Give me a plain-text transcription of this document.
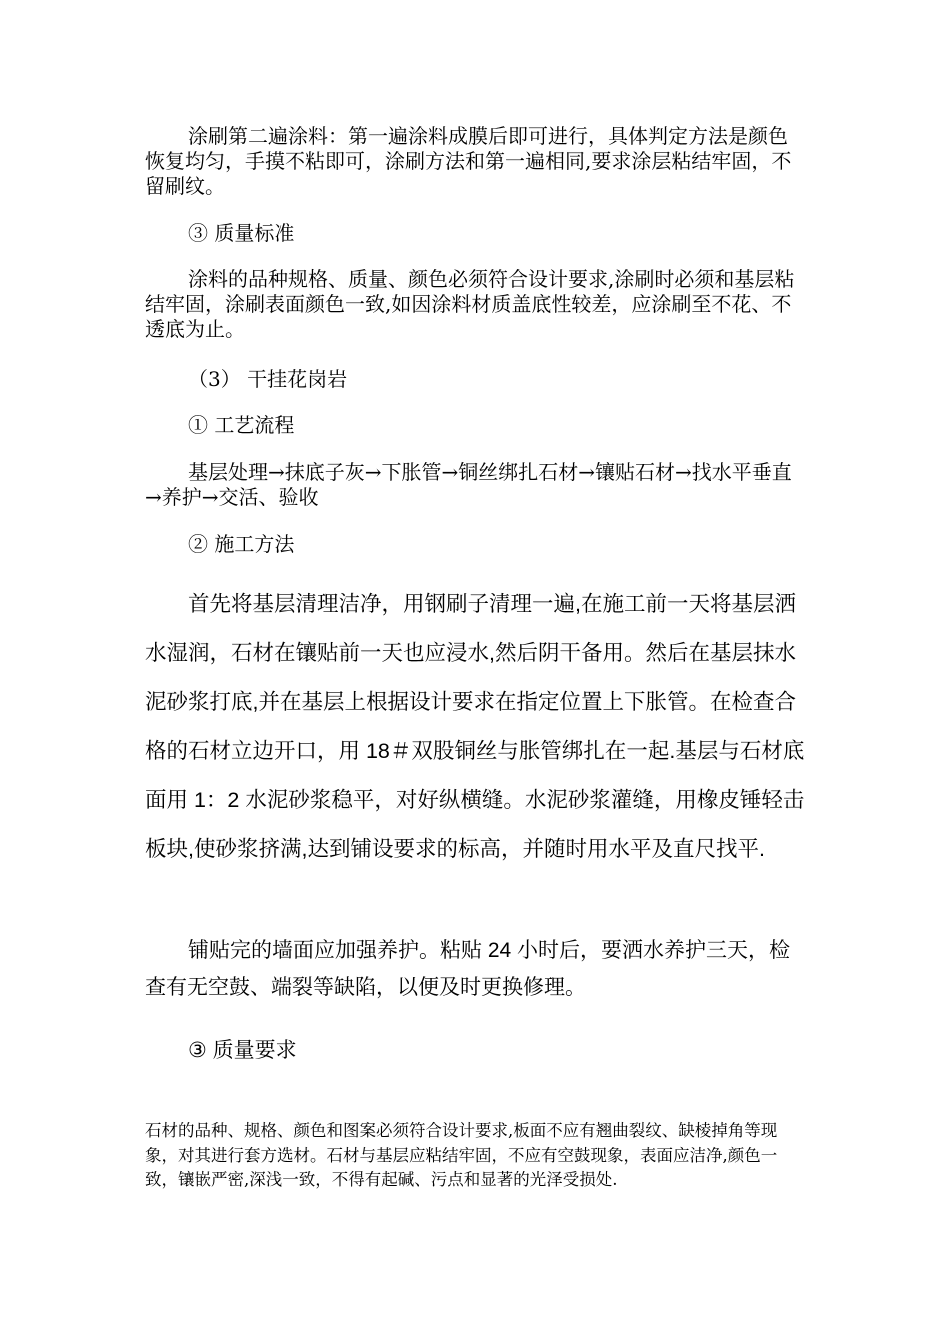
涂刷第二遍涂料：第一遍涂料成膜后即可进行，具体判定方法是颜色恢复均匀，手摸不粘即可，涂刷方法和第一遍相同,要求涂层粘结牢固，不留刷纹。

③ 质量标准

涂料的品种规格、质量、颜色必须符合设计要求,涂刷时必须和基层粘结牢固，涂刷表面颜色一致,如因涂料材质盖底性较差，应涂刷至不花、不透底为止。

（3） 干挂花岗岩

① 工艺流程

基层处理→抹底子灰→下胀管→铜丝绑扎石材→镶贴石材→找水平垂直→养护→交活、验收

② 施工方法

首先将基层清理洁净，用钢刷子清理一遍,在施工前一天将基层洒水湿润，石材在镶贴前一天也应浸水,然后阴干备用。然后在基层抹水泥砂浆打底,并在基层上根据设计要求在指定位置上下胀管。在检查合格的石材立边开口，用 18＃双股铜丝与胀管绑扎在一起.基层与石材底面用 1：2 水泥砂浆稳平，对好纵横缝。水泥砂浆灌缝，用橡皮锤轻击板块,使砂浆挤满,达到铺设要求的标高，并随时用水平及直尺找平.

铺贴完的墙面应加强养护。粘贴 24 小时后，要洒水养护三天，检查有无空鼓、端裂等缺陷，以便及时更换修理。

③ 质量要求

石材的品种、规格、颜色和图案必须符合设计要求,板面不应有翘曲裂纹、缺棱掉角等现象，对其进行套方选材。石材与基层应粘结牢固，不应有空鼓现象，表面应洁净,颜色一致，镶嵌严密,深浅一致，不得有起碱、污点和显著的光泽受损处.
